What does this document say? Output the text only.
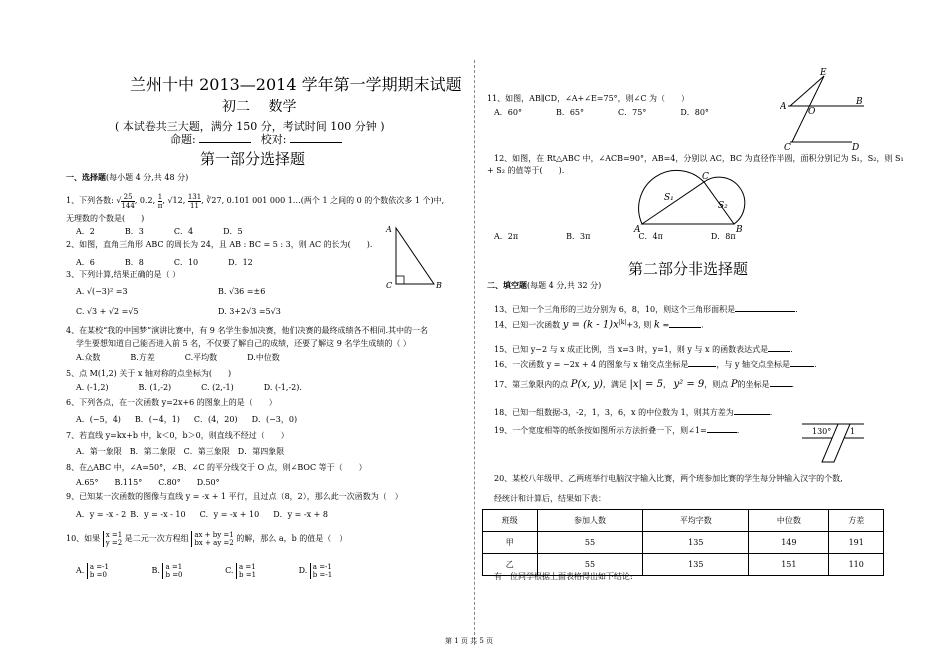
兰州十中 2013—2014 学年第一学期期末试题
初二　 数学
( 本试卷共三大题，满分 150 分，考试时间 100 分钟 )
命题:	校对:
第一部分选择题
一、选择题(每小题 4 分,共 48 分)
1、下列各数: √ $\frac{25}{144}$ , 0.2, $\frac{1}{\pi}$ , √12, $\frac{131}{11}$ , ∛27, 0.101 001 000 1…(两个 1 之间的 0 的个数依次多 1 个)中,
无理数的个数是(　　)
A．2	B．3	C．4	D．5
2、如图，直角三角形 ABC 的周长为 24，且 AB : BC = 5 : 3，则 AC 的长为(　　).
A．6	B．8	C．10	D．12
A
C	B
3、下列计算,结果正确的是（ ）
A. √(−3)² =3	B. √36 =±6
C. √3 + √2 =√5	D. 3+2√3 =5√3
4、在某校“我的中国梦”演讲比赛中，有 9 名学生参加决赛，他们决赛的最终成绩各不相同.其中的一名
学生要想知道自己能否进入前 5 名，不仅要了解自己的成绩，还要了解这 9 名学生成绩的（ ）
A.众数	B.方差	C.平均数	D.中位数
5、点 M(1,2) 关于 x 轴对称的点坐标为(　　)
A. (-1,2)	B. (1,-2)	C. (2,-1)	D. (-1,-2).
6、下列各点，在一次函数 y=2x+6 的图象上的是（　　）
A．(−5，4) B．(−4，1) C．(4，20) D．(−3，0)
7、若直线 y=kx+b 中，k＜0，b＞0，则直线不经过（　　）
A．第一象限 B．第二象限 C．第三象限 D．第四象限
8、在△ABC 中，∠A=50°，∠B、∠C 的平分线交于 O 点，则∠BOC 等于（　　）
A.65° B.115° C.80° D.50°
9、已知某一次函数的图像与直线 y = -x + 1 平行，且过点（8，2），那么此一次函数为（　）
A．y = -x - 2 B．y = -x - 10 C．y = -x + 10 D．y = -x + 8
10、如果 x =1
y =2 是二元一次方程组 ax + by =1
bx + ay =2 的解，那么 a，b 的值是（　）
A. a =-1
b =0	B. a =1
b =0	C. a =1
b =1	D. a =-1
b =-1
11、如图，AB∥CD，∠A+∠E=75°，则∠C 为（　　）
A．60°	B．65°	C．75°	D．80°
E
A O
B
C	D
12、如图，在 Rt△ABC 中，∠ACB=90°，AB=4，分别以 AC，BC 为直径作半圆，面积分别记为 S₁，S₂，则 S₁
+ S₂ 的值等于(　　).
A．2π	B．3π	C．4π	D．8π
C
S₁
S₂
A	B
第二部分非选择题
二、填空题(每题 4 分,共 32 分)
13、已知一个三角形的三边分别为 6，8，10，则这个三角形面积是	.
14、已知一次函数 $y = (k - 1)x^{|k|}+3$, 则 k =	.
15、已知 y−2 与 x 成正比例，当 x=3 时，y=1，则 y 与 x 的函数表达式是	.
16、一次函数 y = −2x + 4 的图象与 x 轴交点坐标是	，与 y 轴交点坐标是	.
17、第三象限内的点 P(x, y)，满足 |x| = 5， y² = 9，则点 P的坐标是	.
18、已知一组数据-3，-2，1，3，6，x 的中位数为 1，则其方差为	.
19、一个宽度相等的纸条按如图所示方法折叠一下，则∠1=	.	130° 1
20、某校八年级甲、乙两班举行电脑汉字输入比赛，两个班参加比赛的学生每分钟输入汉字的个数,
经统计和计算后，结果如下表：
班级	参加人数	平均字数	中位数	方差
甲	55	135	149	191
乙	55	135	151	110
有一位同学根据上面表格得出如下结论:
第 1 页 共 5 页
